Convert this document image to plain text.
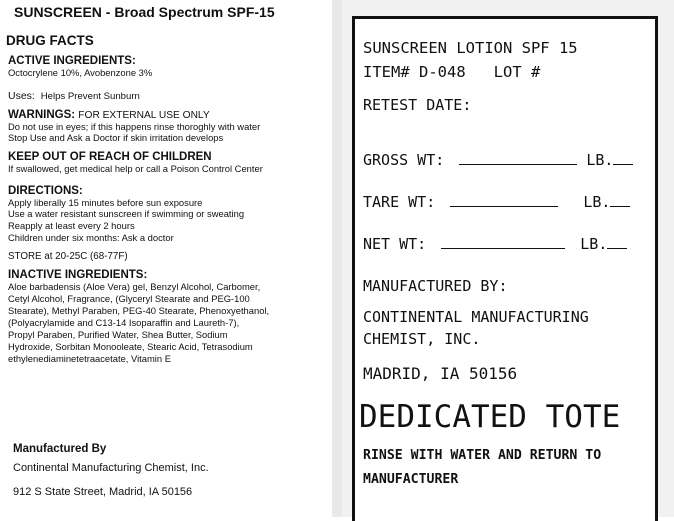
SUNSCREEN - Broad Spectrum SPF-15
DRUG FACTS
ACTIVE INGREDIENTS:
Octocrylene 10%, Avobenzone 3%
Uses: Helps Prevent Sunburn
WARNINGS: FOR EXTERNAL USE ONLY
Do not use in eyes; if this happens rinse thoroghly with water
Stop Use and Ask a Doctor if skin irritation develops
KEEP OUT OF REACH OF CHILDREN
If swallowed, get medical help or call a Poison Control Center
DIRECTIONS:
Apply liberally 15 minutes before sun exposure
Use a water resistant sunscreen if swimming or sweating
Reapply at least every 2 hours
Children under six months: Ask a doctor
STORE at 20-25C (68-77F)
INACTIVE INGREDIENTS:
Aloe barbadensis (Aloe Vera) gel, Benzyl Alcohol, Carbomer,
Cetyl Alcohol, Fragrance, (Glyceryl Stearate and PEG-100
Stearate), Methyl Paraben, PEG-40 Stearate, Phenoxyethanol,
(Polyacrylamide and C13-14 Isoparaffin and Laureth-7),
Propyl Paraben, Purified Water, Shea Butter, Sodium
Hydroxide, Sorbitan Monooleate, Stearic Acid, Tetrasodium
ethylenediaminetetraacetate, Vitamin E
Manufactured By
Continental Manufacturing Chemist, Inc.
912 S State Street, Madrid, IA 50156
SUNSCREEN LOTION SPF 15
ITEM# D-048 LOT #
RETEST DATE:
GROSS WT:	LB.
TARE WT:	LB.
NET WT:	LB.
MANUFACTURED BY:
CONTINENTAL MANUFACTURING
CHEMIST, INC.
MADRID, IA 50156
DEDICATED TOTE
RINSE WITH WATER AND RETURN TO
MANUFACTURER
